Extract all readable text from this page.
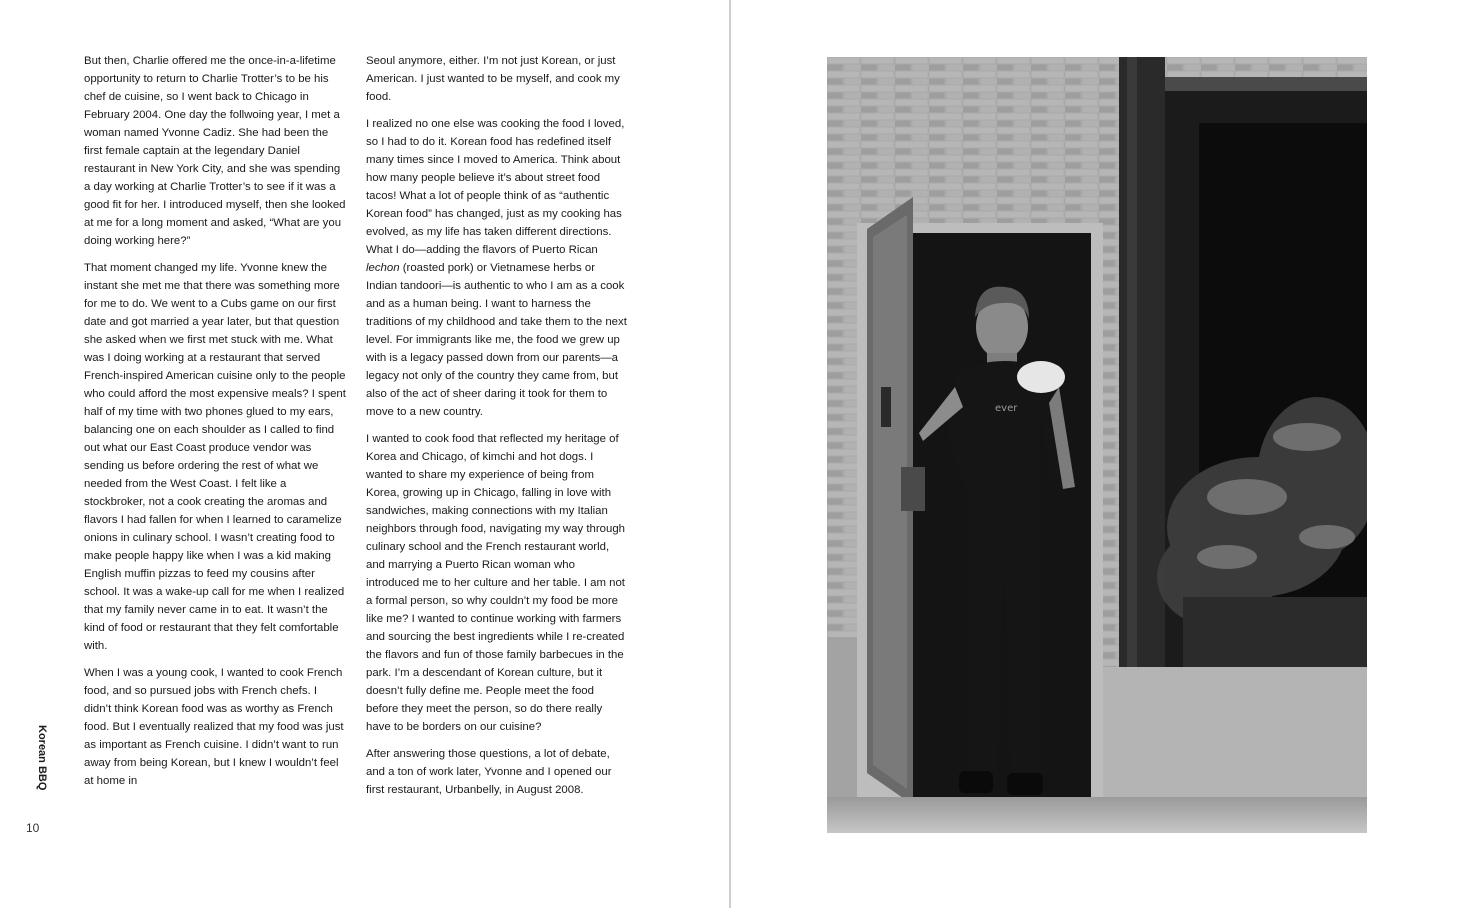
But then, Charlie offered me the once-in-a-lifetime opportunity to return to Charlie Trotter’s to be his chef de cuisine, so I went back to Chicago in February 2004. One day the follwoing year, I met a woman named Yvonne Cadiz. She had been the first female captain at the legendary Daniel restaurant in New York City, and she was spending a day working at Charlie Trotter’s to see if it was a good fit for her. I introduced myself, then she looked at me for a long moment and asked, “What are you doing working here?”

That moment changed my life. Yvonne knew the instant she met me that there was something more for me to do. We went to a Cubs game on our first date and got married a year later, but that question she asked when we first met stuck with me. What was I doing working at a restaurant that served French-inspired American cuisine only to the people who could afford the most expensive meals? I spent half of my time with two phones glued to my ears, balancing one on each shoulder as I called to find out what our East Coast produce vendor was sending us before ordering the rest of what we needed from the West Coast. I felt like a stockbroker, not a cook creating the aromas and flavors I had fallen for when I learned to caramelize onions in culinary school. I wasn’t creating food to make people happy like when I was a kid making English muffin pizzas to feed my cousins after school. It was a wake-up call for me when I realized that my family never came in to eat. It wasn’t the kind of food or restaurant that they felt comfortable with.

When I was a young cook, I wanted to cook French food, and so pursued jobs with French chefs. I didn’t think Korean food was as worthy as French food. But I eventually realized that my food was just as important as French cuisine. I didn’t want to run away from being Korean, but I knew I wouldn’t feel at home in

Seoul anymore, either. I’m not just Korean, or just American. I just wanted to be myself, and cook my food.

I realized no one else was cooking the food I loved, so I had to do it. Korean food has redefined itself many times since I moved to America. Think about how many people believe it’s about street food tacos! What a lot of people think of as “authentic Korean food” has changed, just as my cooking has evolved, as my life has taken different directions. What I do—adding the flavors of Puerto Rican lechon (roasted pork) or Vietnamese herbs or Indian tandoori—is authentic to who I am as a cook and as a human being. I want to harness the traditions of my childhood and take them to the next level. For immigrants like me, the food we grew up with is a legacy passed down from our parents—a legacy not only of the country they came from, but also of the act of sheer daring it took for them to move to a new country.

I wanted to cook food that reflected my heritage of Korea and Chicago, of kimchi and hot dogs. I wanted to share my experience of being from Korea, growing up in Chicago, falling in love with sandwiches, making connections with my Italian neighbors through food, navigating my way through culinary school and the French restaurant world, and marrying a Puerto Rican woman who introduced me to her culture and her table. I am not a formal person, so why couldn’t my food be more like me? I wanted to continue working with farmers and sourcing the best ingredients while I re-created the flavors and fun of those family barbecues in the park. I’m a descendant of Korean culture, but it doesn’t fully define me. People meet the food before they meet the person, so do there really have to be borders on our cuisine?

After answering those questions, a lot of debate, and a ton of work later, Yvonne and I opened our first restaurant, Urbanbelly, in August 2008.

Korean BBQ
10
ever
